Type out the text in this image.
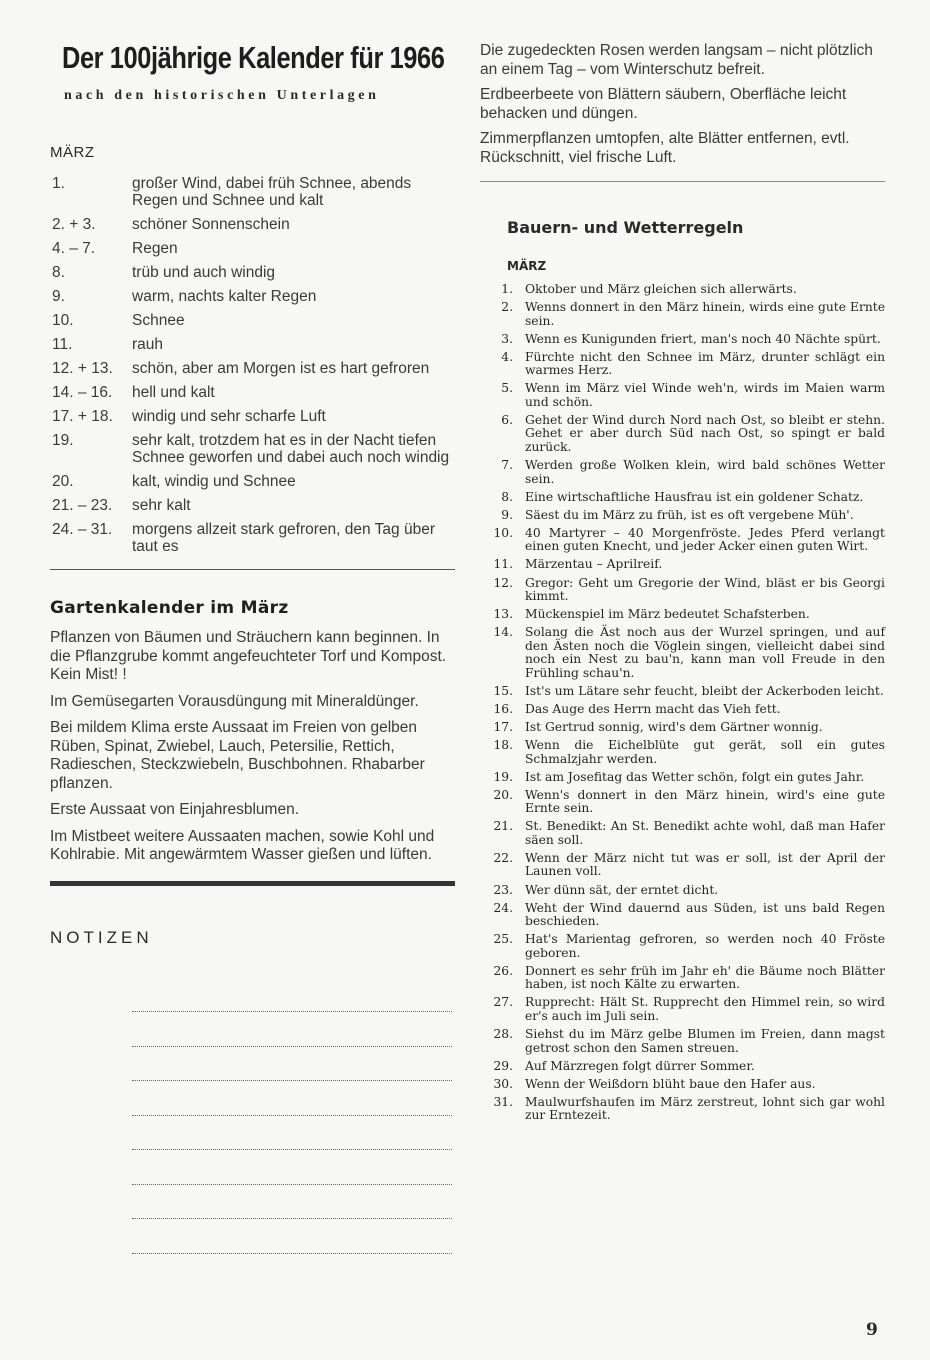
Der 100jährige Kalender für 1966
nach den historischen Unterlagen
MÄRZ
1.	großer Wind, dabei früh Schnee, abends Regen und Schnee und kalt
2. + 3.	schöner Sonnenschein
4. – 7.	Regen
8.	trüb und auch windig
9.	warm, nachts kalter Regen
10.	Schnee
11.	rauh
12. + 13.	schön, aber am Morgen ist es hart gefroren
14. – 16.	hell und kalt
17. + 18.	windig und sehr scharfe Luft
19.	sehr kalt, trotzdem hat es in der Nacht tiefen Schnee geworfen und dabei auch noch windig
20.	kalt, windig und Schnee
21. – 23.	sehr kalt
24. – 31.	morgens allzeit stark gefroren, den Tag über taut es
Gartenkalender im März

Pflanzen von Bäumen und Sträuchern kann beginnen. In die Pflanzgrube kommt angefeuchteter Torf und Kompost. Kein Mist! !

Im Gemüsegarten Vorausdüngung mit Mineraldünger.

Bei mildem Klima erste Aussaat im Freien von gelben Rüben, Spinat, Zwiebel, Lauch, Petersilie, Rettich, Radieschen, Steckzwiebeln, Buschbohnen. Rhabarber pflanzen.

Erste Aussaat von Einjahresblumen.

Im Mistbeet weitere Aussaaten machen, sowie Kohl und Kohlrabie. Mit angewärmtem Wasser gießen und lüften.

NOTIZEN

Die zugedeckten Rosen werden langsam – nicht plötzlich an einem Tag – vom Winterschutz befreit.

Erdbeerbeete von Blättern säubern, Oberfläche leicht behacken und düngen.

Zimmerpflanzen umtopfen, alte Blätter entfernen, evtl. Rückschnitt, viel frische Luft.

Bauern- und Wetterregeln
MÄRZ
1. Oktober und März gleichen sich allerwärts.
2. Wenns donnert in den März hinein, wirds eine gute Ernte sein.
3. Wenn es Kunigunden friert, man's noch 40 Nächte spürt.
4. Fürchte nicht den Schnee im März, drunter schlägt ein warmes Herz.
5. Wenn im März viel Winde weh'n, wirds im Maien warm und schön.
6. Gehet der Wind durch Nord nach Ost, so bleibt er stehn. Gehet er aber durch Süd nach Ost, so spingt er bald zurück.
7. Werden große Wolken klein, wird bald schönes Wetter sein.
8. Eine wirtschaftliche Hausfrau ist ein goldener Schatz.
9. Säest du im März zu früh, ist es oft vergebene Müh'.
10. 40 Martyrer – 40 Morgenfröste. Jedes Pferd verlangt einen guten Knecht, und jeder Acker einen guten Wirt.
11. Märzentau – Aprilreif.
12. Gregor: Geht um Gregorie der Wind, bläst er bis Georgi kimmt.
13. Mückenspiel im März bedeutet Schafsterben.
14. Solang die Äst noch aus der Wurzel springen, und auf den Ästen noch die Vöglein singen, vielleicht dabei sind noch ein Nest zu bau'n, kann man voll Freude in den Frühling schau'n.
15. Ist's um Lätare sehr feucht, bleibt der Ackerboden leicht.
16. Das Auge des Herrn macht das Vieh fett.
17. Ist Gertrud sonnig, wird's dem Gärtner wonnig.
18. Wenn die Eichelblüte gut gerät, soll ein gutes Schmalzjahr werden.
19. Ist am Josefitag das Wetter schön, folgt ein gutes Jahr.
20. Wenn's donnert in den März hinein, wird's eine gute Ernte sein.
21. St. Benedikt: An St. Benedikt achte wohl, daß man Hafer säen soll.
22. Wenn der März nicht tut was er soll, ist der April der Launen voll.
23. Wer dünn sät, der erntet dicht.
24. Weht der Wind dauernd aus Süden, ist uns bald Regen beschieden.
25. Hat's Marientag gefroren, so werden noch 40 Fröste geboren.
26. Donnert es sehr früh im Jahr eh' die Bäume noch Blätter haben, ist noch Kälte zu erwarten.
27. Rupprecht: Hält St. Rupprecht den Himmel rein, so wird er's auch im Juli sein.
28. Siehst du im März gelbe Blumen im Freien, dann magst getrost schon den Samen streuen.
29. Auf Märzregen folgt dürrer Sommer.
30. Wenn der Weißdorn blüht baue den Hafer aus.
31. Maulwurfshaufen im März zerstreut, lohnt sich gar wohl zur Erntezeit.
9
